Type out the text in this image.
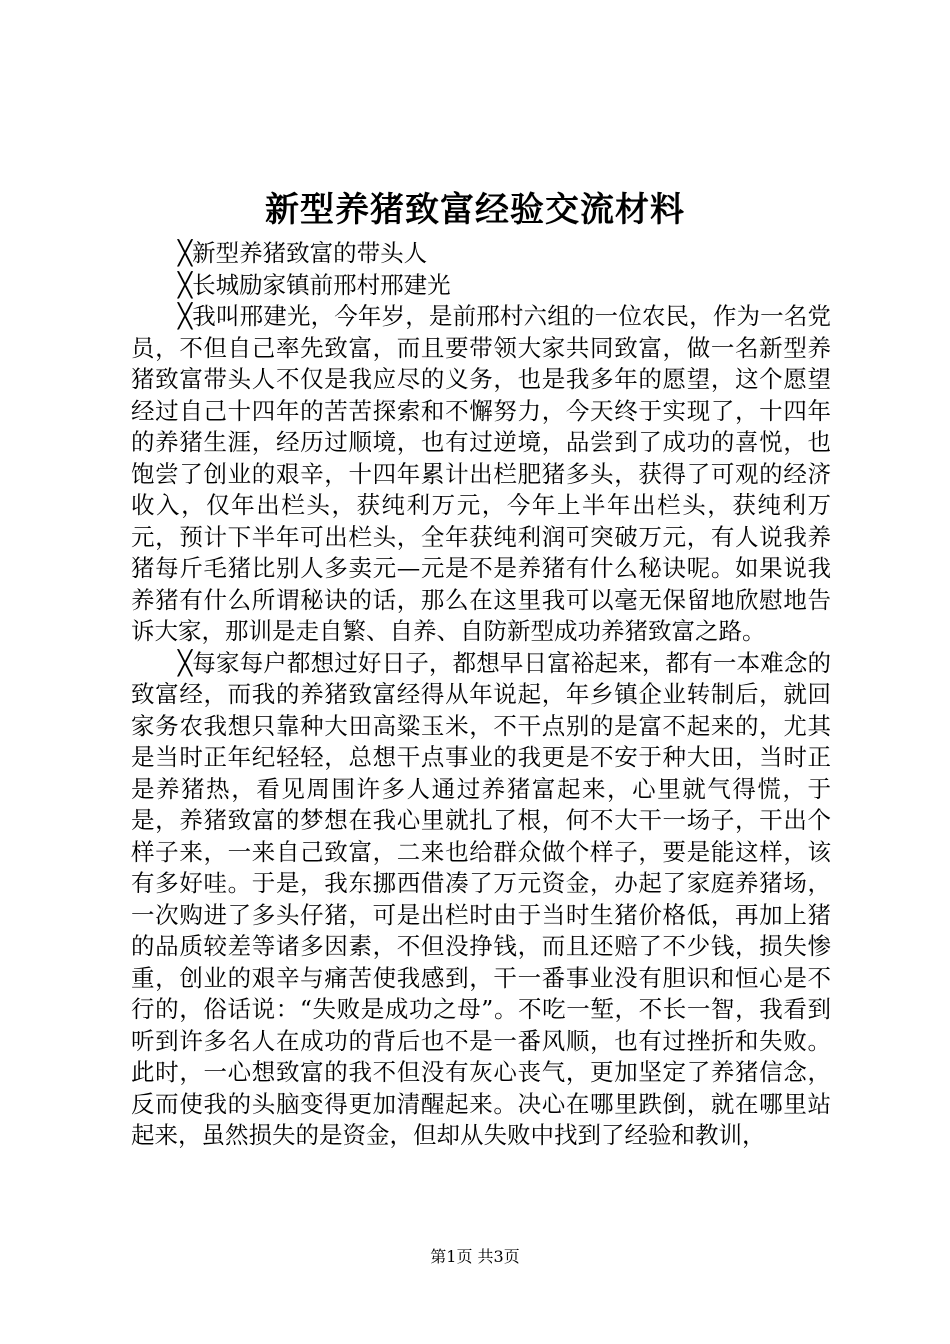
新型养猪致富经验交流材料

╳新型养猪致富的带头人

╳长城励家镇前邢村邢建光

╳我叫邢建光，今年岁，是前邢村六组的一位农民，作为一名党员，不但自己率先致富，而且要带领大家共同致富，做一名新型养猪致富带头人不仅是我应尽的义务，也是我多年的愿望，这个愿望经过自己十四年的苦苦探索和不懈努力，今天终于实现了，十四年的养猪生涯，经历过顺境，也有过逆境，品尝到了成功的喜悦，也饱尝了创业的艰辛，十四年累计出栏肥猪多头，获得了可观的经济收入，仅年出栏头，获纯利万元，今年上半年出栏头，获纯利万元，预计下半年可出栏头，全年获纯利润可突破万元，有人说我养猪每斤毛猪比别人多卖元—元是不是养猪有什么秘诀呢。如果说我养猪有什么所谓秘诀的话，那么在这里我可以毫无保留地欣慰地告诉大家，那训是走自繁、自养、自防新型成功养猪致富之路。

╳每家每户都想过好日子，都想早日富裕起来，都有一本难念的致富经，而我的养猪致富经得从年说起，年乡镇企业转制后，就回家务农我想只靠种大田高粱玉米，不干点别的是富不起来的，尤其是当时正年纪轻轻，总想干点事业的我更是不安于种大田，当时正是养猪热，看见周围许多人通过养猪富起来，心里就气得慌，于是，养猪致富的梦想在我心里就扎了根，何不大干一场子，干出个样子来，一来自己致富，二来也给群众做个样子，要是能这样，该有多好哇。于是，我东挪西借凑了万元资金，办起了家庭养猪场，一次购进了多头仔猪，可是出栏时由于当时生猪价格低，再加上猪的品质较差等诸多因素，不但没挣钱，而且还赔了不少钱，损失惨重，创业的艰辛与痛苦使我感到，干一番事业没有胆识和恒心是不行的，俗话说：“失败是成功之母”。不吃一堑，不长一智，我看到听到许多名人在成功的背后也不是一番风顺，也有过挫折和失败。此时，一心想致富的我不但没有灰心丧气，更加坚定了养猪信念，反而使我的头脑变得更加清醒起来。决心在哪里跌倒，就在哪里站起来，虽然损失的是资金，但却从失败中找到了经验和教训，

第1页 共3页
